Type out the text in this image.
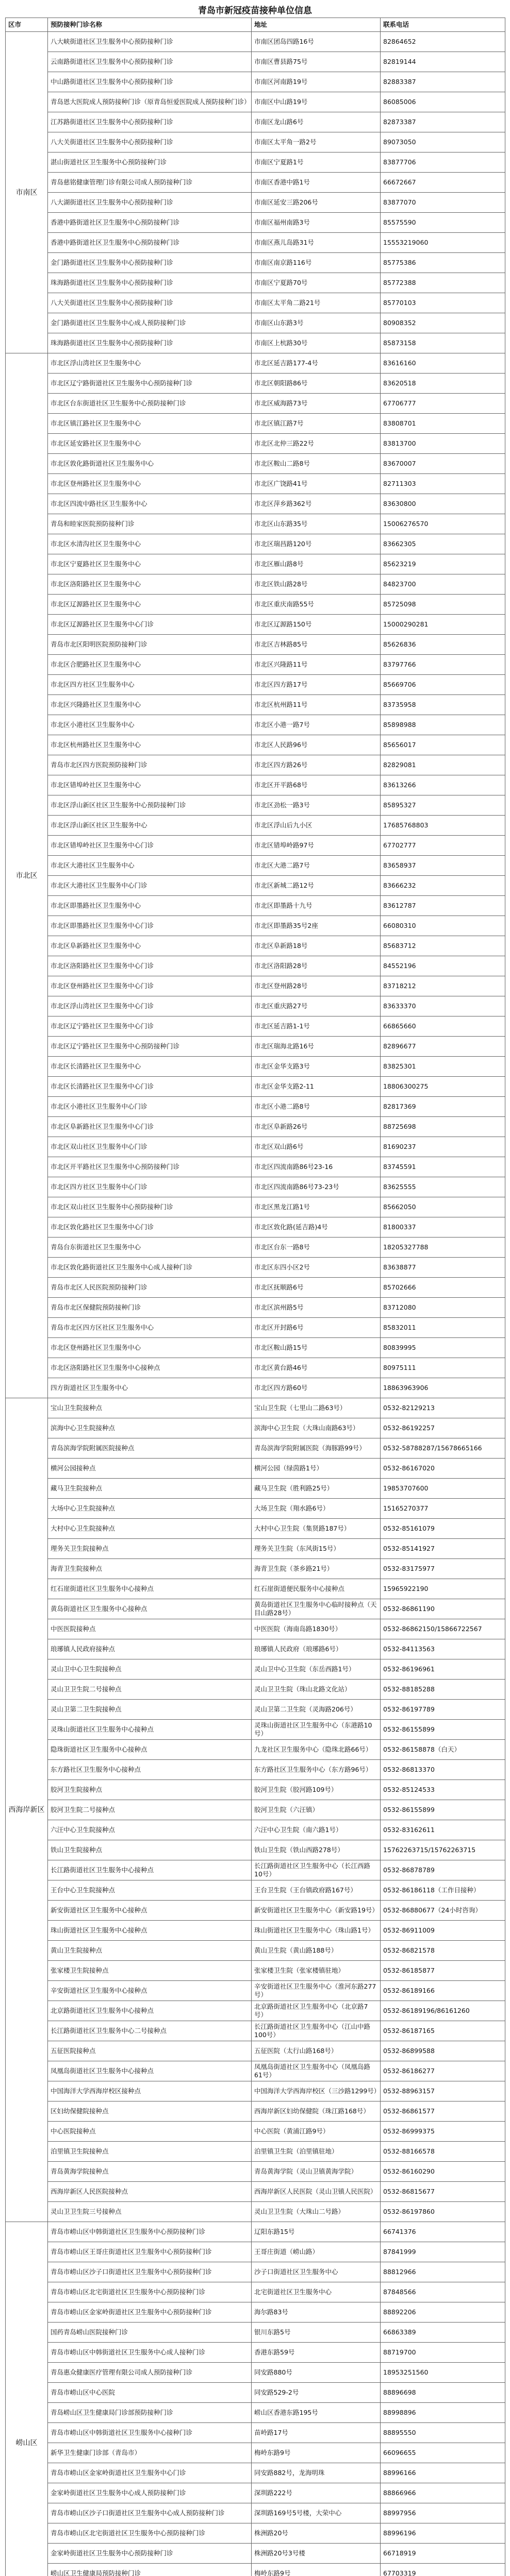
青岛市新冠疫苗接种单位信息
区市	预防接种门诊名称	地址	联系电话
市南区	八大峡街道社区卫生服务中心预防接种门诊	市南区团岛四路16号	82864652
	云南路街道社区卫生服务中心预防接种门诊	市南区曹县路75号	82819144
	中山路街道社区卫生服务中心预防接种门诊	市南区河南路19号	82883387
	青岛恩大医院成人预防接种门诊（原青岛恒爱医院成人预防接种门诊）	市南区中山路19号	86085006
	江苏路街道社区卫生服务中心预防接种门诊	市南区龙山路6号	82873387
	八大关街道社区卫生服务中心预防接种门诊	市南区太平角一路2号	89073050
	湛山街道社区卫生服务中心预防接种门诊	市南区宁夏路1号	83877706
	青岛慈铭健康管理门诊有限公司成人预防接种门诊	市南区香港中路1号	66672667
	八大湖街道社区卫生服务中心预防接种门诊	市南区延安三路206号	83877070
	香港中路街道社区卫生服务中心预防接种门诊	市南区福州南路3号	85575590
	香港中路街道社区卫生服务中心预防接种门诊	市南区燕儿岛路31号	15553219060
	金门路街道社区卫生服务中心预防接种门诊	市南区南京路116号	85775386
	珠海路街道社区卫生服务中心预防接种门诊	市南区宁夏路70号	85772388
	八大关街道社区卫生服务中心预防接种门诊	市南区太平角二路21号	85770103
	金门路街道社区卫生服务中心成人预防接种门诊	市南区山东路3号	80908352
	珠海路街道社区卫生服务中心预防接种门诊	市南区上杭路30号	85873158
市北区	市北区浮山湾社区卫生服务中心	市北区延吉路177-4号	83616160
	市北区辽宁路街道社区卫生服务中心预防接种门诊	市北区朝阳路86号	83620518
	市北区台东街道社区卫生服务中心预防接种门诊	市北区威海路73号	67706777
	市北区镇江路社区卫生服务中心	市北区镇江路7号	83808701
	市北区延安路社区卫生服务中心	市北区北仲三路22号	83813700
	市北区敦化路街道社区卫生服务中心	市北区鞍山二路8号	83670007
	市北区登州路社区卫生服务中心	市北区广饶路41号	82711303
	市北区四流中路社区卫生服务中心	市北区萍乡路362号	83630800
	青岛和睦家医院预防接种门诊	市北区山东路35号	15006276570
	市北区水清沟社区卫生服务中心	市北区瑞昌路120号	83662305
	市北区宁夏路社区卫生服务中心	市北区雁山路8号	85623219
	市北区洛阳路社区卫生服务中心	市北区铁山路28号	84823700
	市北区辽源路社区卫生服务中心	市北区重庆南路55号	85725098
	市北区辽源路社区卫生服务中心门诊	市北区辽源路150号	15000290281
	青岛市北区阳明医院预防接种门诊	市北区吉林路85号	85626836
	市北区合肥路社区卫生服务中心	市北区兴隆路11号	83797766
	市北区四方社区卫生服务中心	市北区四方路17号	85669706
	市北区兴隆路社区卫生服务中心	市北区杭州路11号	83735958
	市北区小港社区卫生服务中心	市北区小港一路7号	85898988
	市北区杭州路社区卫生服务中心	市北区人民路96号	85656017
	青岛市北区四方医院预防接种门诊	市北区四方路26号	82829081
	市北区错埠岭社区卫生服务中心	市北区开平路68号	83613266
	市北区浮山新区社区卫生服务中心预防接种门诊	市北区劲松一路3号	85895327
	市北区浮山新区社区卫生服务中心	市北区浮山后九小区	17685768803
	市北区错埠岭社区卫生服务中心门诊	市北区错埠岭路97号	67702777
	市北区大港社区卫生服务中心	市北区大港二路7号	83658937
	市北区大港社区卫生服务中心门诊	市北区新城二路12号	83666232
	市北区即墨路社区卫生服务中心	市北区即墨路十九号	83612787
	市北区即墨路社区卫生服务中心门诊	市北区即墨路35号2座	66080310
	市北区阜新路社区卫生服务中心	市北区阜新路18号	85683712
	市北区洛阳路社区卫生服务中心门诊	市北区洛阳路28号	84552196
	市北区登州路社区卫生服务中心门诊	市北区登州路28号	83718212
	市北区浮山湾社区卫生服务中心门诊	市北区重庆路27号	83633370
	市北区辽宁路社区卫生服务中心门诊	市北区延吉路1-1号	66865660
	市北区辽宁路社区卫生服务中心预防接种门诊	市北区瑞海北路16号	82896677
	市北区长清路社区卫生服务中心	市北区金华支路3号	83825301
	市北区长清路社区卫生服务中心门诊	市北区金华支路2-11	18806300275
	市北区小港社区卫生服务中心门诊	市北区小港二路8号	82817369
	市北区阜新路社区卫生服务中心门诊	市北区阜新路26号	88725698
	市北区双山社区卫生服务中心门诊	市北区双山路6号	81690237
	市北区开平路社区卫生服务中心预防接种门诊	市北区四流南路86号23-16	83745591
	市北区四方社区卫生服务中心门诊	市北区四流南路86号73-23号	83625555
	市北区双山社区卫生服务中心预防接种门诊	市北区黑龙江路1号	85662050
	市北区敦化路社区卫生服务中心门诊	市北区敦化路(延吉路)4号	81800337
	青岛台东街道社区卫生服务中心	市北区台东一路8号	18205327788
	市北区敦化路街道社区卫生服务中心成人接种门诊	市北区东四小区2号	83638877
	青岛市北区人民医院预防接种门诊	市北区抚顺路6号	85702666
	青岛市北区保健院预防接种门诊	市北区滨州路5号	83712080
	青岛市北区四方区社区卫生服务中心	市北区开封路6号	85832011
	市北区登州路社区卫生服务中心	市北区鞍山路15号	80839995
	市北区洛阳路社区卫生服务中心接种点	市北区黄台路46号	80975111
	四方街道社区卫生服务中心	市北区四方路60号	18863963906
西海岸新区	宝山卫生院接种点	宝山卫生院（七里山二路63号）	0532-82129213
	滨海中心卫生院接种点	滨海中心卫生院（大珠山南路63号）	0532-86192257
	青岛滨海学院附属医院接种点	青岛滨海学院附属医院（海豚路99号）	0532-58788287/15678665166
	横河公园接种点	横河公园（绿茵路1号）	0532-86167020
	藏马卫生院接种点	藏马卫生院（胜利路25号）	19853707600
	大场中心卫生院接种点	大场卫生院（翔水路6号）	15165270377
	大村中心卫生院接种点	大村中心卫生院（集贤路187号）	0532-85161079
	理务关卫生院接种点	理务关卫生院（东风街15号）	0532-85141927
	海青卫生院接种点	海青卫生院（茶乡路21号）	0532-83175977
	红石崖街道社区卫生服务中心接种点	红石崖街道便民服务中心接种点	15965922190
	黄岛街道社区卫生服务中心接种点	黄岛街道社区卫生服务中心临时接种点（天目山路28号）	0532-86861190
	中医医院接种点	中医医院（海南岛路1830号）	0532-86862150/15866722567
	琅琊镇人民政府接种点	琅琊镇人民政府（琅琊路6号）	0532-84113563
	灵山卫中心卫生院接种点	灵山卫中心卫生院（东岳西路1号）	0532-86196961
	灵山卫卫生院二号接种点	灵山卫卫生院（珠山北路文化站）	0532-88185288
	灵山卫第二卫生院接种点	灵山卫第二卫生院（灵海路206号）	0532-86197789
	灵珠山街道社区卫生服务中心接种点	灵珠山街道社区卫生服务中心（东港路10号）	0532-86155899
	隐珠街道社区卫生服务中心接种点	九龙社区卫生服务中心（隐珠北路66号）	0532-86158878（白天）
	东方路社区卫生服务中心接种点	东方路社区卫生服务中心（东方路96号）	0532-86813370
	胶河卫生院接种点	胶河卫生院（胶河路109号）	0532-85124533
	胶河卫生院二号接种点	胶河卫生院（六汪镇）	0532-86155899
	六汪中心卫生院接种点	六汪中心卫生院（南六路1号）	0532-83162611
	铁山卫生院接种点	铁山卫生院（铁山西路278号）	15762263715/15762263715
	长江路街道社区卫生服务中心接种点	长江路街道社区卫生服务中心（长江西路10号）	0532-86878789
	王台中心卫生院接种点	王台卫生院（王台镇政府路167号）	0532-86186118（工作日接种）
	新安街道社区卫生服务中心接种点	新安街道社区卫生服务中心（新安路19号）	0532-86880677（24小时咨询）
	珠山街道社区卫生服务中心接种点	珠山街道社区卫生服务中心（珠山路1号）	0532-86911009
	黄山卫生院接种点	黄山卫生院（黄山路188号）	0532-86821578
	张家楼卫生院接种点	张家楼卫生院（张家楼镇驻地）	0532-86185877
	辛安街道社区卫生服务中心接种点	辛安街道社区卫生服务中心（淮河东路277号）	0532-86189166
	北京路街道社区卫生服务中心接种点	北京路街道社区卫生服务中心（北京路7号）	0532-86189196/86161260
	长江路街道社区卫生服务中心二号接种点	长江路街道社区卫生服务中心（江山中路100号）	0532-86187165
	五征医院接种点	五征医院（太行山路168号）	0532-86899588
	凤凰岛街道社区卫生服务中心接种点	凤凰岛街道社区卫生服务中心（凤凰岛路61号）	0532-86186277
	中国海洋大学西海岸校区接种点	中国海洋大学西海岸校区（三沙路1299号）	0532-88963157
	区妇幼保健院接种点	西海岸新区妇幼保健院（珠江路168号）	0532-86861577
	中心医院接种点	中心医院（黄浦江路9号）	0532-86999375
	泊里镇卫生院接种点	泊里镇卫生院（泊里镇驻地）	0532-88166578
	青岛黄海学院接种点	青岛黄海学院（灵山卫镇黄海学院）	0532-86160290
	西海岸新区人民医院接种点	西海岸新区人民医院（灵山卫镇人民医院）	0532-86815677
	灵山卫卫生院三号接种点	灵山卫卫生院（大珠山二号路）	0532-86197860
崂山区	青岛市崂山区中韩街道社区卫生服务中心预防接种门诊	辽阳东路15号	66741376
	青岛市崂山区王哥庄街道社区卫生服务中心预防接种门诊	王哥庄街道（崂山路）	87841999
	青岛市崂山区沙子口街道社区卫生服务中心预防接种门诊	沙子口街道社区卫生服务中心	88812966
	青岛市崂山区北宅街道社区卫生服务中心预防接种门诊	北宅街道社区卫生服务中心	87848566
	青岛市崂山区金家岭街道社区卫生服务中心预防接种门诊	海尔路83号	88892206
	国药青岛崂山医院接种门诊	银川东路5号	66863389
	青岛市崂山区中韩街道社区卫生服务中心成人接种门诊	香港东路59号	88719700
	青岛惠众健康医疗管理有限公司成人预防接种门诊	同安路880号	18953251560
	青岛市崂山区中心医院	同安路529-2号	88896698
	青岛崂山区卫生健康局门诊部预防接种门诊	崂山区香港东路195号	88998896
	青岛市崂山区中韩街道社区卫生服务中心接种门诊	苗岭路17号	88895550
	新华卫生健康门诊部（青岛市）	梅岭东路9号	66096655
	青岛市崂山区金家岭街道社区卫生服务中心门诊	同安路882号，龙海明珠	88996166
	金家岭街道社区卫生服务中心成人预防接种门诊	深圳路222号	88866966
	青岛市崂山区沙子口街道社区卫生服务中心成人预防接种门诊	深圳路169号5号楼，大荣中心	88997956
	青岛市崂山区北宅街道社区卫生服务中心预防接种门诊	株洲路20号	88996196
	金家岭街道社区卫生服务中心预防接种门诊	株洲路20号3号楼	66718919
	崂山区卫生健康局预防接种门诊	梅岭东路9号	67703319
